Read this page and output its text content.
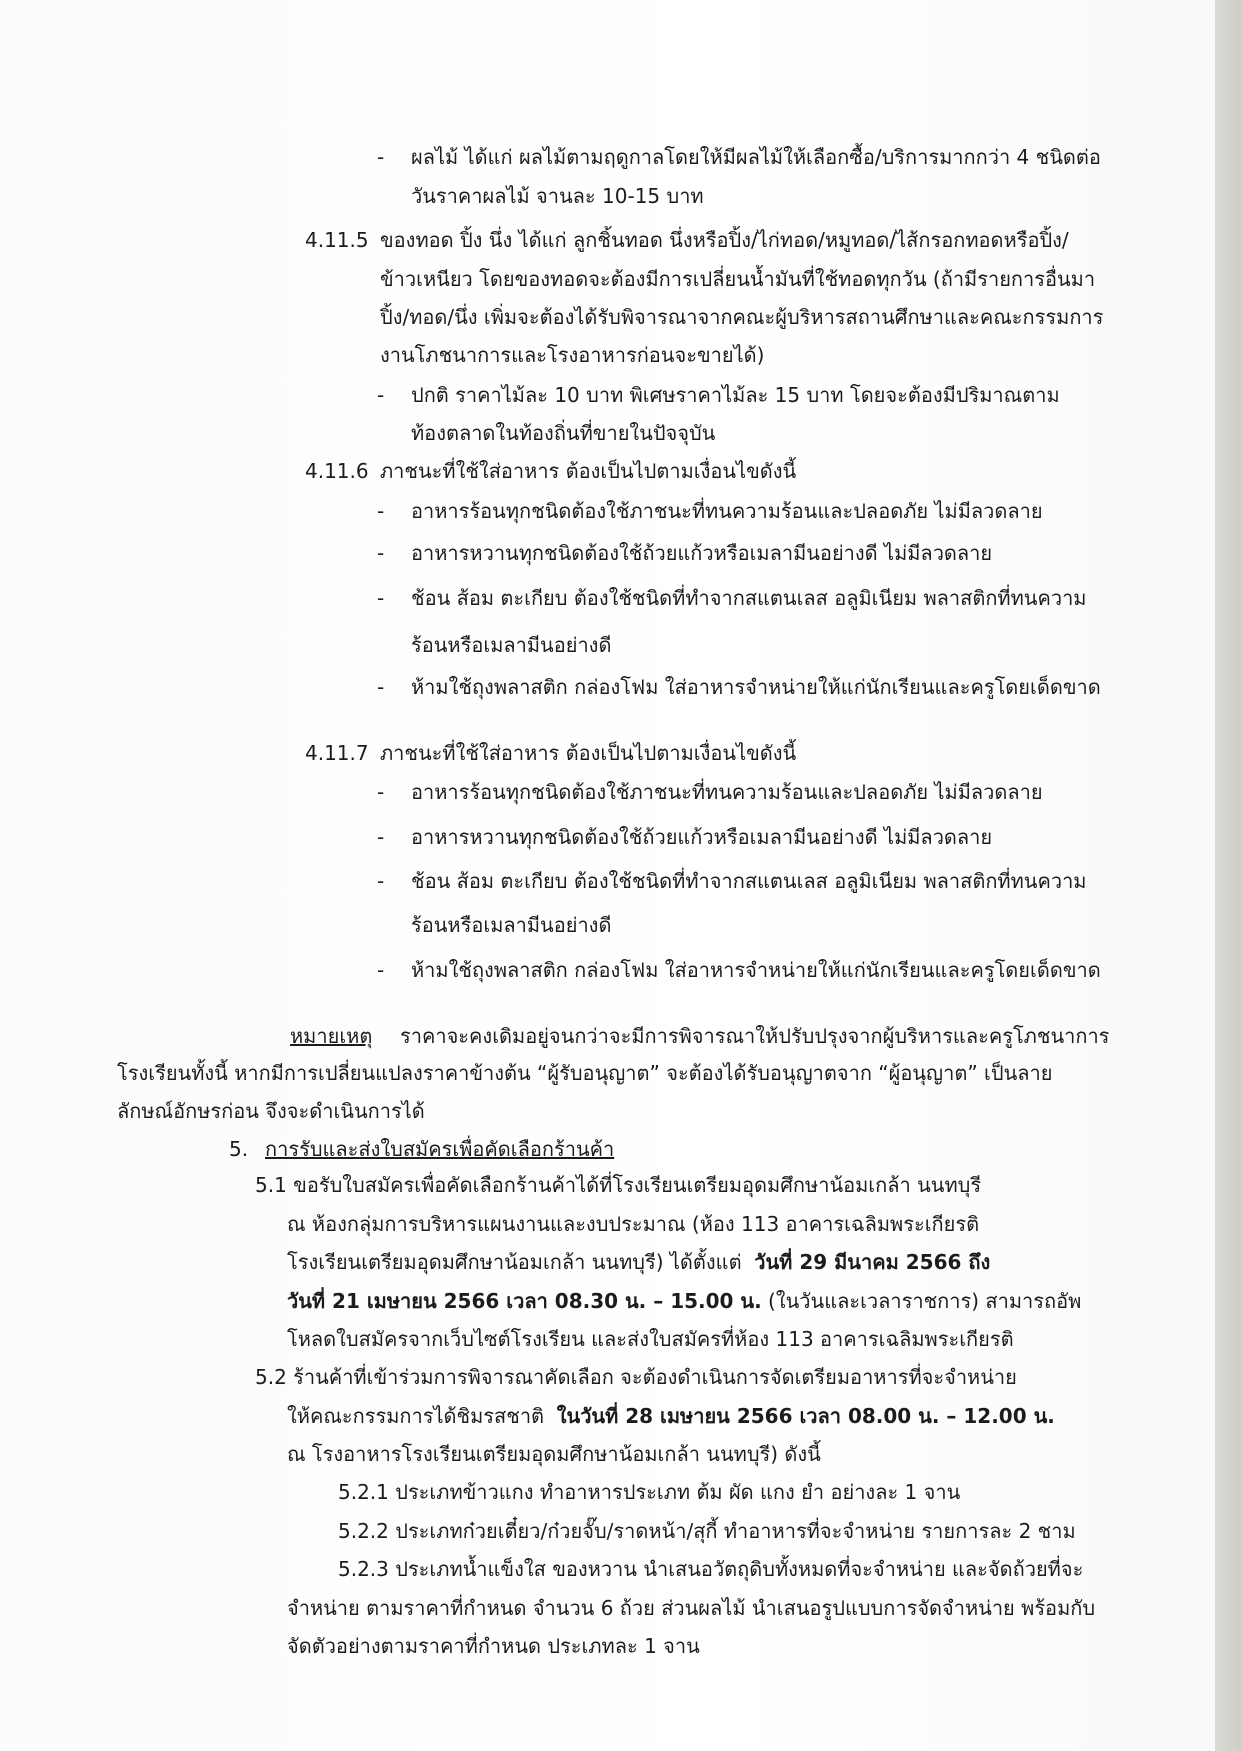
- ผลไม้ ได้แก่ ผลไม้ตามฤดูกาลโดยให้มีผลไม้ให้เลือกซื้อ/บริการมากกว่า 4 ชนิดต่อ
วันราคาผลไม้ จานละ 10-15 บาท
4.11.5 ของทอด ปิ้ง นึ่ง ได้แก่ ลูกชิ้นทอด นึ่งหรือปิ้ง/ไก่ทอด/หมูทอด/ไส้กรอกทอดหรือปิ้ง/
ข้าวเหนียว โดยของทอดจะต้องมีการเปลี่ยนน้ำมันที่ใช้ทอดทุกวัน (ถ้ามีรายการอื่นมา
ปิ้ง/ทอด/นึ่ง เพิ่มจะต้องได้รับพิจารณาจากคณะผู้บริหารสถานศึกษาและคณะกรรมการ
งานโภชนาการและโรงอาหารก่อนจะขายได้)
- ปกติ ราคาไม้ละ 10 บาท พิเศษราคาไม้ละ 15 บาท โดยจะต้องมีปริมาณตาม
ท้องตลาดในท้องถิ่นที่ขายในปัจจุบัน
4.11.6 ภาชนะที่ใช้ใส่อาหาร ต้องเป็นไปตามเงื่อนไขดังนี้
- อาหารร้อนทุกชนิดต้องใช้ภาชนะที่ทนความร้อนและปลอดภัย ไม่มีลวดลาย
- อาหารหวานทุกชนิดต้องใช้ถ้วยแก้วหรือเมลามีนอย่างดี ไม่มีลวดลาย
- ช้อน ส้อม ตะเกียบ ต้องใช้ชนิดที่ทำจากสแตนเลส อลูมิเนียม พลาสติกที่ทนความ
ร้อนหรือเมลามีนอย่างดี
- ห้ามใช้ถุงพลาสติก กล่องโฟม ใส่อาหารจำหน่ายให้แก่นักเรียนและครูโดยเด็ดขาด
4.11.7 ภาชนะที่ใช้ใส่อาหาร ต้องเป็นไปตามเงื่อนไขดังนี้
- อาหารร้อนทุกชนิดต้องใช้ภาชนะที่ทนความร้อนและปลอดภัย ไม่มีลวดลาย
- อาหารหวานทุกชนิดต้องใช้ถ้วยแก้วหรือเมลามีนอย่างดี ไม่มีลวดลาย
- ช้อน ส้อม ตะเกียบ ต้องใช้ชนิดที่ทำจากสแตนเลส อลูมิเนียม พลาสติกที่ทนความ
ร้อนหรือเมลามีนอย่างดี
- ห้ามใช้ถุงพลาสติก กล่องโฟม ใส่อาหารจำหน่ายให้แก่นักเรียนและครูโดยเด็ดขาด
หมายเหตุ ราคาจะคงเดิมอยู่จนกว่าจะมีการพิจารณาให้ปรับปรุงจากผู้บริหารและครูโภชนาการ
โรงเรียนทั้งนี้ หากมีการเปลี่ยนแปลงราคาข้างต้น “ผู้รับอนุญาต” จะต้องได้รับอนุญาตจาก “ผู้อนุญาต” เป็นลาย
ลักษณ์อักษรก่อน จึงจะดำเนินการได้
5. การรับและส่งใบสมัครเพื่อคัดเลือกร้านค้า
5.1 ขอรับใบสมัครเพื่อคัดเลือกร้านค้าได้ที่โรงเรียนเตรียมอุดมศึกษาน้อมเกล้า นนทบุรี
ณ ห้องกลุ่มการบริหารแผนงานและงบประมาณ (ห้อง 113 อาคารเฉลิมพระเกียรติ
โรงเรียนเตรียมอุดมศึกษาน้อมเกล้า นนทบุรี) ได้ตั้งแต่ วันที่ 29 มีนาคม 2566 ถึง
วันที่ 21 เมษายน 2566 เวลา 08.30 น. – 15.00 น. (ในวันและเวลาราชการ) สามารถอัพ
โหลดใบสมัครจากเว็บไซต์โรงเรียน และส่งใบสมัครที่ห้อง 113 อาคารเฉลิมพระเกียรติ
5.2 ร้านค้าที่เข้าร่วมการพิจารณาคัดเลือก จะต้องดำเนินการจัดเตรียมอาหารที่จะจำหน่าย
ให้คณะกรรมการได้ชิมรสชาติ ในวันที่ 28 เมษายน 2566 เวลา 08.00 น. – 12.00 น.
ณ โรงอาหารโรงเรียนเตรียมอุดมศึกษาน้อมเกล้า นนทบุรี) ดังนี้
5.2.1 ประเภทข้าวแกง ทำอาหารประเภท ต้ม ผัด แกง ยำ อย่างละ 1 จาน
5.2.2 ประเภทก๋วยเตี๋ยว/ก๋วยจั๊บ/ราดหน้า/สุกี้ ทำอาหารที่จะจำหน่าย รายการละ 2 ชาม
5.2.3 ประเภทน้ำแข็งใส ของหวาน นำเสนอวัตถุดิบทั้งหมดที่จะจำหน่าย และจัดถ้วยที่จะ
จำหน่าย ตามราคาที่กำหนด จำนวน 6 ถ้วย ส่วนผลไม้ นำเสนอรูปแบบการจัดจำหน่าย พร้อมกับ
จัดตัวอย่างตามราคาที่กำหนด ประเภทละ 1 จาน
